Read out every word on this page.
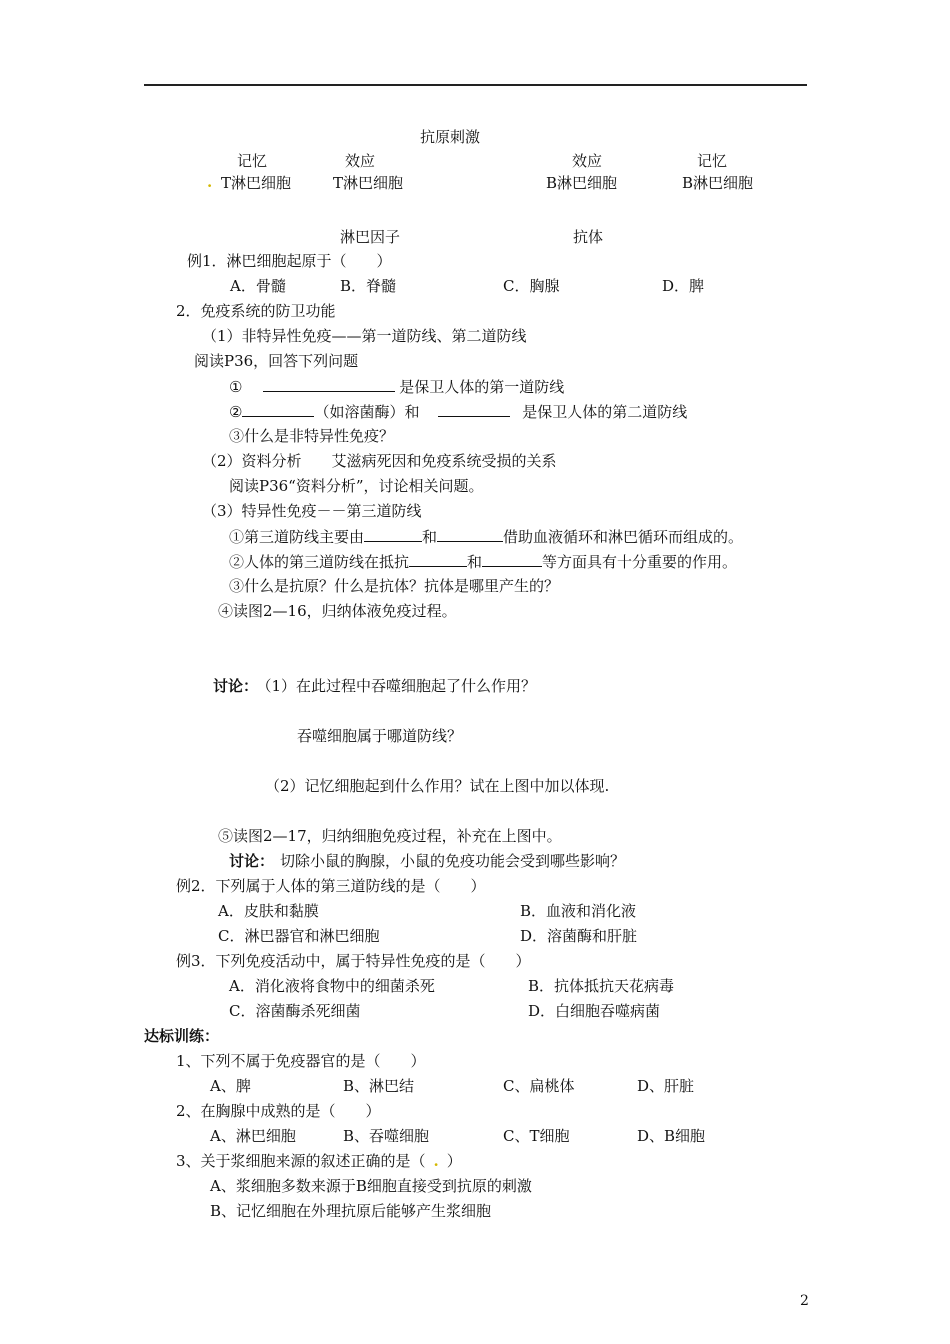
抗原刺激
记忆	效应	效应	记忆
. T淋巴细胞	T淋巴细胞	B淋巴细胞	B淋巴细胞
淋巴因子	抗体
例1．淋巴细胞起原于（　　）
A．骨髓	B．脊髓	C．胸腺	D．脾
2．免疫系统的防卫功能
（1）非特异性免疫——第一道防线、第二道防线
阅读P36，回答下列问题
①	是保卫人体的第一道防线
②	（如溶菌酶）和	是保卫人体的第二道防线
③什么是非特异性免疫？
（2）资料分析　　艾滋病死因和免疫系统受损的关系
阅读P36“资料分析”，讨论相关问题。
（3）特异性免疫－－第三道防线
①第三道防线主要由	和	借助血液循环和淋巴循环而组成的。
②人体的第三道防线在抵抗	和	等方面具有十分重要的作用。
③什么是抗原？什么是抗体？抗体是哪里产生的？
④读图2—16，归纳体液免疫过程。
讨论： （1）在此过程中吞噬细胞起了什么作用？
吞噬细胞属于哪道防线？
（2）记忆细胞起到什么作用？试在上图中加以体现.
⑤读图2—17，归纳细胞免疫过程，补充在上图中。
讨论： 切除小鼠的胸腺，小鼠的免疫功能会受到哪些影响？
例2．下列属于人体的第三道防线的是（　　）
A．皮肤和黏膜	B．血液和消化液
C．淋巴器官和淋巴细胞	D．溶菌酶和肝脏
例3．下列免疫活动中，属于特异性免疫的是（　　）
A．消化液将食物中的细菌杀死	B．抗体抵抗天花病毒
C．溶菌酶杀死细菌	D．白细胞吞噬病菌
达标训练：
1、下列不属于免疫器官的是（　　）
A、脾	B、淋巴结	C、扁桃体	D、肝脏
2、在胸腺中成熟的是（　　）
A、淋巴细胞	B、吞噬细胞	C、T细胞	D、B细胞
3、关于浆细胞来源的叙述正确的是（ . ）
A、浆细胞多数来源于B细胞直接受到抗原的刺激
B、记忆细胞在外理抗原后能够产生浆细胞
2
